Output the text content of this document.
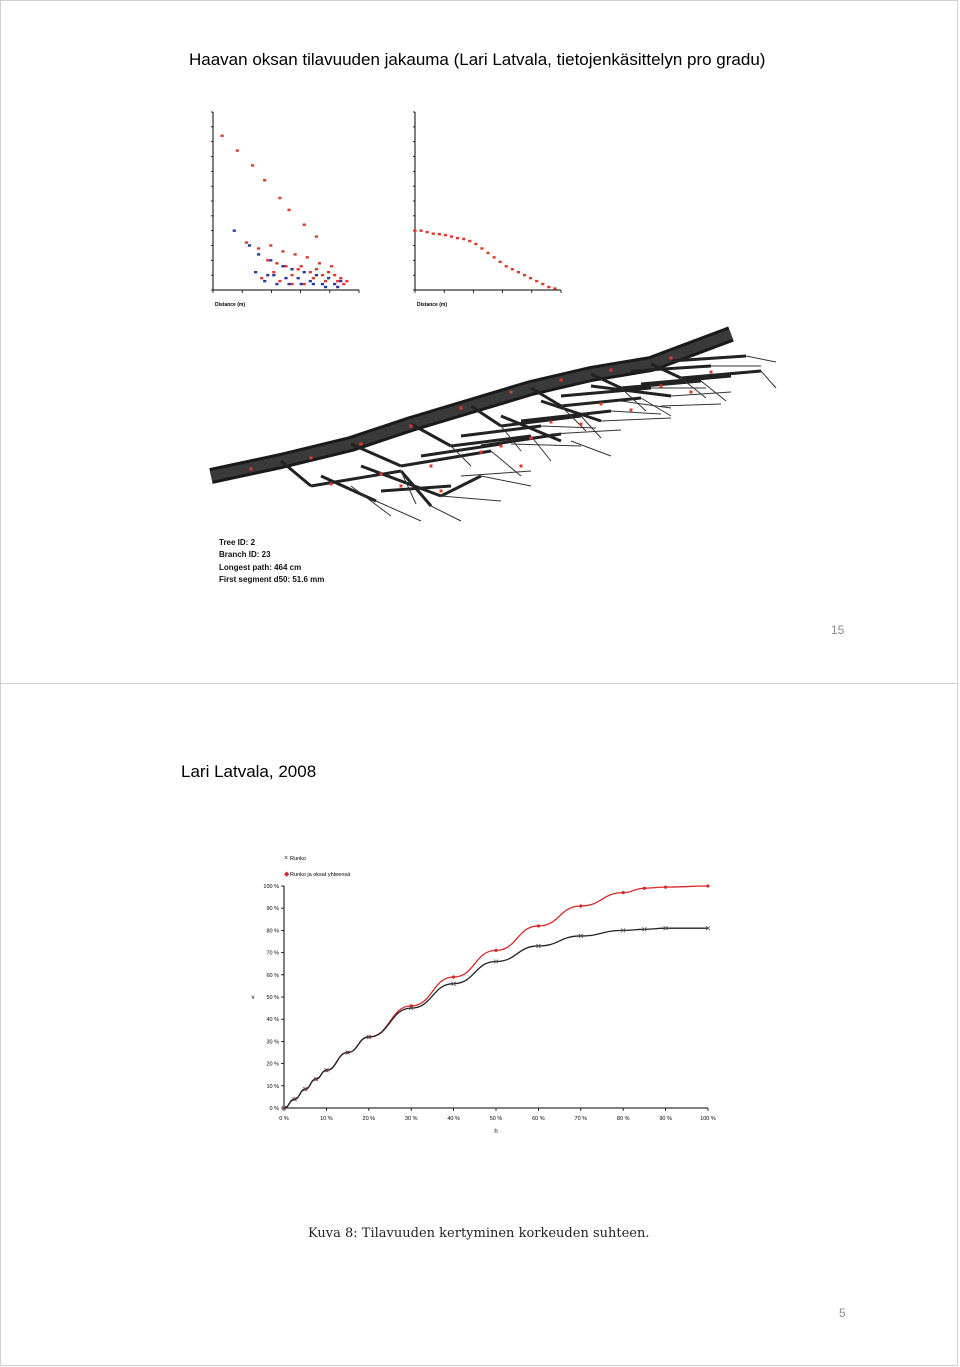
Haavan oksan tilavuuden jakauma (Lari Latvala, tietojenkäsittelyn pro gradu)
Distance (m)	Distance (m)
Tree ID: 2
Branch ID: 23
Longest path: 464 cm
First segment d50: 51.6 mm
15
Lari Latvala, 2008
5
0 %
10 %
20 %
30 %
40 %
50 %
60 %
70 %
80 %
90 %
100 %
0 %	10 %	20 %	30 %	40 %	50 %	60 %	70 %	80 %	90 %	100 %
h
v
× Runko
◆ Runko ja oksat yhteensä
Kuva 8: Tilavuuden kertyminen korkeuden suhteen.
